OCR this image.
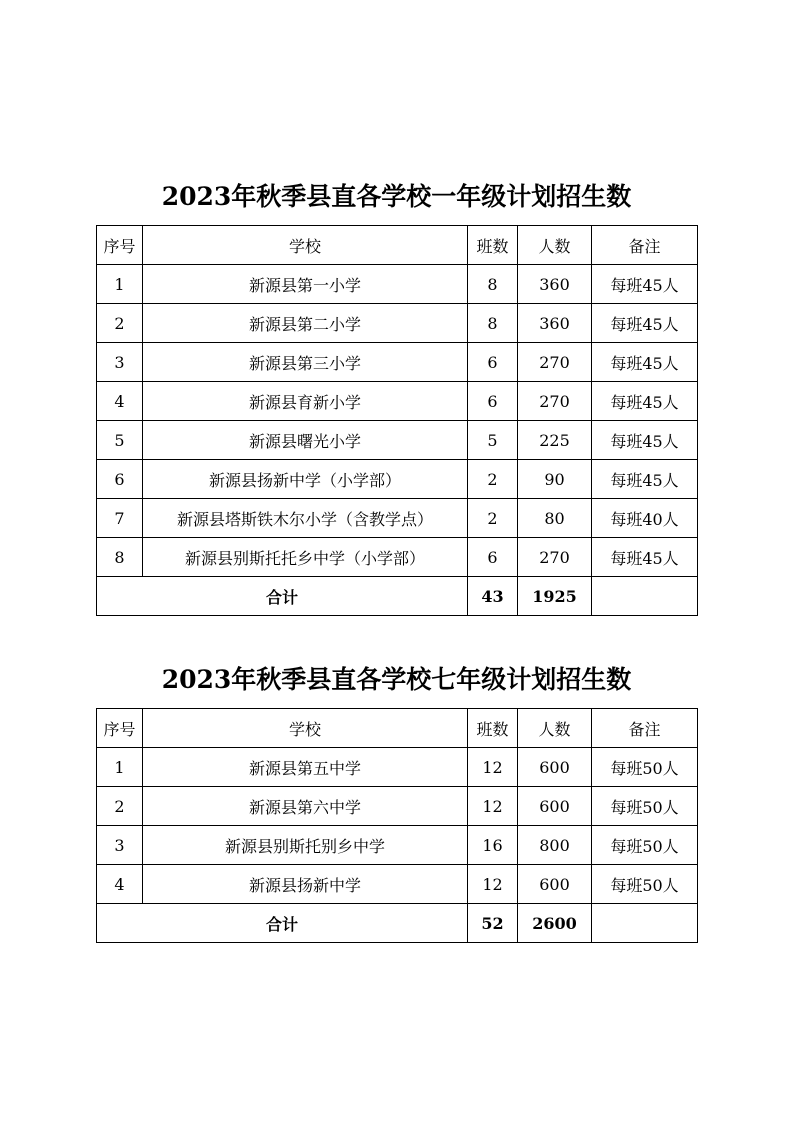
2023年秋季县直各学校一年级计划招生数
序号	学校	班数	人数	备注
1	新源县第一小学	8	360	每班45人
2	新源县第二小学	8	360	每班45人
3	新源县第三小学	6	270	每班45人
4	新源县育新小学	6	270	每班45人
5	新源县曙光小学	5	225	每班45人
6	新源县扬新中学（小学部）	2	90	每班45人
7	新源县塔斯铁木尔小学（含教学点）	2	80	每班40人
8	新源县别斯托托乡中学（小学部）	6	270	每班45人
合计		43	1925	
2023年秋季县直各学校七年级计划招生数
序号	学校	班数	人数	备注
1	新源县第五中学	12	600	每班50人
2	新源县第六中学	12	600	每班50人
3	新源县别斯托别乡中学	16	800	每班50人
4	新源县扬新中学	12	600	每班50人
合计		52	2600	
